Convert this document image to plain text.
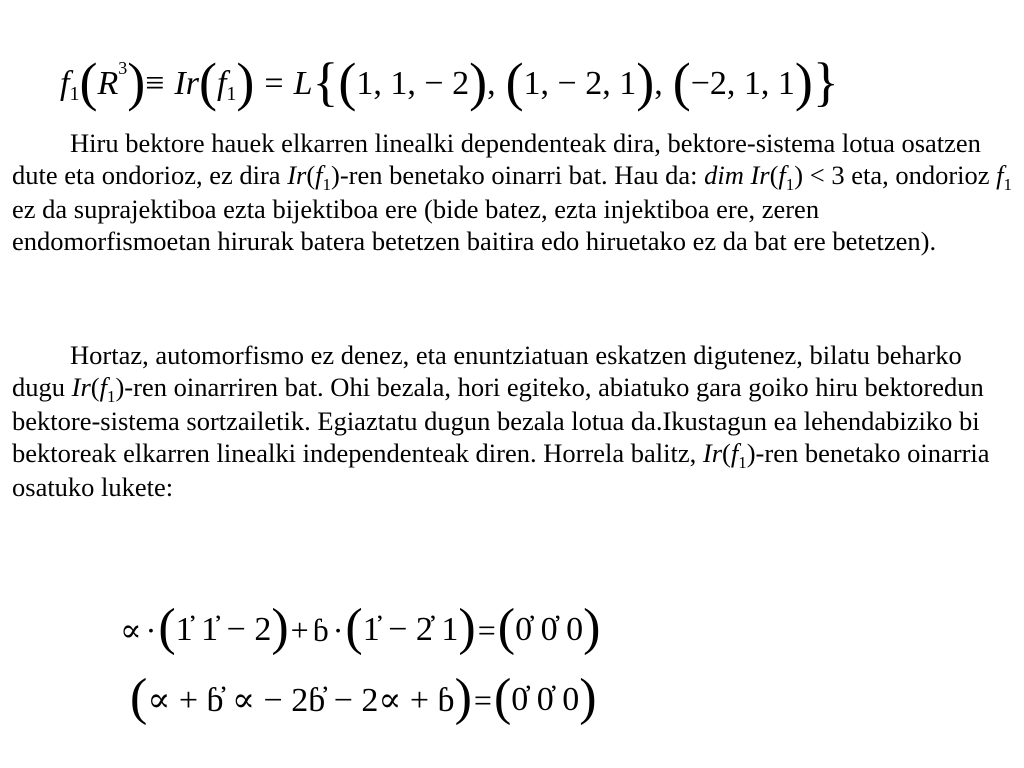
f 1 ( R 3 ) ≡ Ir ( f 1 ) = L { ( 1, 1, − 2 ) , ( 1, − 2, 1 ) , ( −2, 1, 1 ) }
Hiru bektore hauek elkarren linealki dependenteak dira, bektore-sistema lotua osatzen dute eta ondorioz, ez dira $Ir(f_1)$-ren benetako oinarri bat. Hau da: dim $Ir(f_1) < 3$ eta, ondorioz $f_1$ ez da suprajektiboa ezta bijektiboa ere (bide batez, ezta injektiboa ere, zeren endomorfismoetan hirurak batera betetzen baitira edo hiruetako ez da bat ere betetzen).
Hortaz, automorfismo ez denez, eta enuntziatuan eskatzen digutenez, bilatu beharko dugu $Ir(f_1)$-ren oinarriren bat. Ohi bezala, hori egiteko, abiatuko gara goiko hiru bektoredun bektore-sistema sortzailetik. Egiaztatu dugun bezala lotua da.Ikustagun ea lehendabiziko bi bektoreak elkarren linealki independenteak diren. Horrela balitz, $Ir(f_1)$-ren benetako oinarria osatuko lukete:
∝ · ( 1̓ 1̓ − 2 ) + ɓ · ( 1̓ − 2̓ 1 ) = ( 0̓ 0̓ 0 )
( ∝ + ɓ̓ ∝ − 2ɓ̓ − 2∝ + ɓ ) = ( 0̓ 0̓ 0 )
